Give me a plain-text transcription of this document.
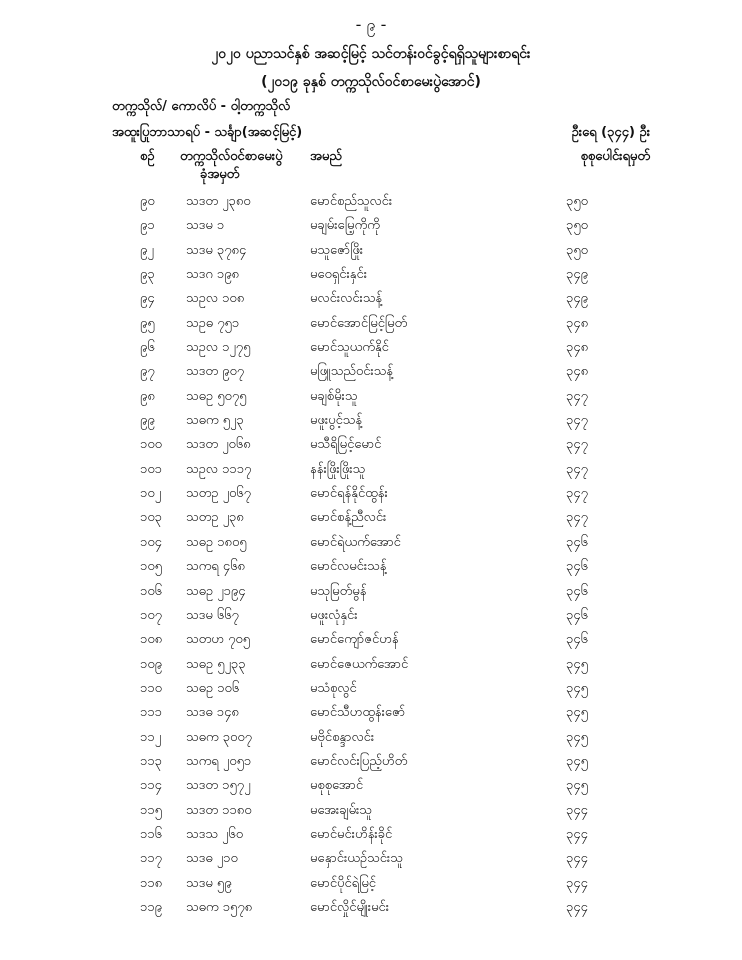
- ၉ -
၂၀၂၀ ပညာသင်နှစ် အဆင့်မြင့် သင်တန်းဝင်ခွင့်ရရှိသူများစာရင်း
(၂၀၁၉ ခုနှစ် တက္ကသိုလ်ဝင်စာမေးပွဲအောင်)
တက္ကသိုလ်/ ကောလိပ် - ဝါ့တက္ကသိုလ်
အထူးပြုဘာသာရပ် - သင်္ချာ(အဆင့်မြင့်)	ဦးရေ (၃၄၄) ဦး
စဉ် တက္ကသိုလ်ဝင်စာမေးပွဲ
ခုံအမှတ်
အမည်	စုစုပေါင်းရမှတ်
၉၀ သဒတ ၂၃၈၀	မောင်စည်သူလင်း	၃၅၀
၉၁ သဒမ ၁	မချမ်းမြေ့ကိုကို	၃၅၀
၉၂ သဒမ ၃၇၈၄	မသူဇော်ဖြိုး	၃၅၀
၉၃ သဒဂ ၁၉၈	မဝေရှင်းနှင်း	၃၄၉
၉၄ သဥလ ၁၀၈	မလင်းလင်းသန့်	၃၄၉
၉၅ သဥဓ ၇၅၁	မောင်အောင်မြင့်မြတ်	၃၄၈
၉၆ သဥလ ၁၂၇၅	မောင်သူယက်နိုင်	၃၄၈
၉၇ သဒတ ၉၀၇	မဖြူသည်ဝင်းသန့်	၃၄၈
၉၈ သဓဥ ၅၀၇၅	မချစ်မိုးသူ	၃၄၇
၉၉ သဓက ၅၂၃	မဖူးပွင့်သန့်	၃၄၇
၁၀၀ သဒတ ၂၀၆၈	မသီရိမြင့်မောင်	၃၄၇
၁၀၁ သဥလ ၁၁၁၇	နန်းဖြိုးဖြိုးသူ	၃၄၇
၁၀၂ သတဥ ၂၀၆၇	မောင်ရန်နိုင်ထွန်း	၃၄၇
၁၀၃ သတဥ ၂၃၈	မောင်စန့်ညီလင်း	၃၄၇
၁၀၄ သဓဥ ၁၈၀၅	မောင်ရဲယက်အောင်	၃၄၆
၁၀၅ သကရ ၄၆၈	မောင်လမင်းသန့်	၃၄၆
၁၀၆ သဓဥ ၂၁၉၄	မသုမြတ်မွန်	၃၄၆
၁၀၇ သဒမ ၆၆၇	မဖူးလုံနှင်း	၃၄၆
၁၀၈ သတဟ ၇၀၅	မောင်ကျော်ဇင်ဟန်	၃၄၆
၁၀၉ သဓဥ ၅၂၃၃	မောင်ဇေယက်အောင်	၃၄၅
၁၁၀ သဓဥ ၁၀၆	မသံစုလွင်	၃၄၅
၁၁၁ သဒဓ ၁၄၈	မောင်သီဟထွန်းဇော်	၃၄၅
၁၁၂ သဓက ၃၀၀၇	မဗိုင်စန္ဒာလင်း	၃၄၅
၁၁၃ သကရ ၂၀၅၁	မောင်လင်းပြည့်ဟိတ်	၃၄၅
၁၁၄ သဒတ ၁၅၇၂	မစုစုအောင်	၃၄၅
၁၁၅ သဒတ ၁၁၈၀	မအေးချမ်းသူ	၃၄၄
၁၁၆ သဒသ ၂၆၀	မောင်မင်းဟိန်းခိုင်	၃၄၄
၁၁၇ သဒဓ ၂၁၀	မနှောင်းယဉ်သင်းသူ	၃၄၄
၁၁၈ သဒမ ၅၉	မောင်ပိုင်ရဲမြင့်	၃၄၄
၁၁၉ သဓက ၁၅၇၈	မောင်လှိုင်မျိုးမင်း	၃၄၄
